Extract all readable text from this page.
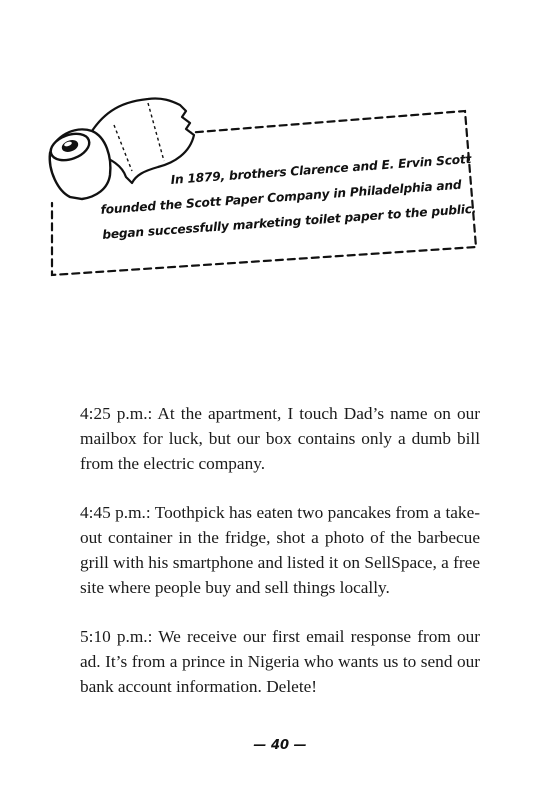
In 1879, brothers Clarence and E. Ervin Scott founded the Scott Paper Company in Philadelphia and began successfully marketing toilet paper to the public.

4:25 p.m.: At the apartment, I touch Dad’s name on our mailbox for luck, but our box contains only a dumb bill from the electric company.

4:45 p.m.: Toothpick has eaten two pancakes from a take-out container in the fridge, shot a photo of the barbecue grill with his smartphone and listed it on SellSpace, a free site where people buy and sell things locally.

5:10 p.m.: We receive our first email response from our ad. It’s from a prince in Nigeria who wants us to send our bank account information. Delete!

— 40 —
